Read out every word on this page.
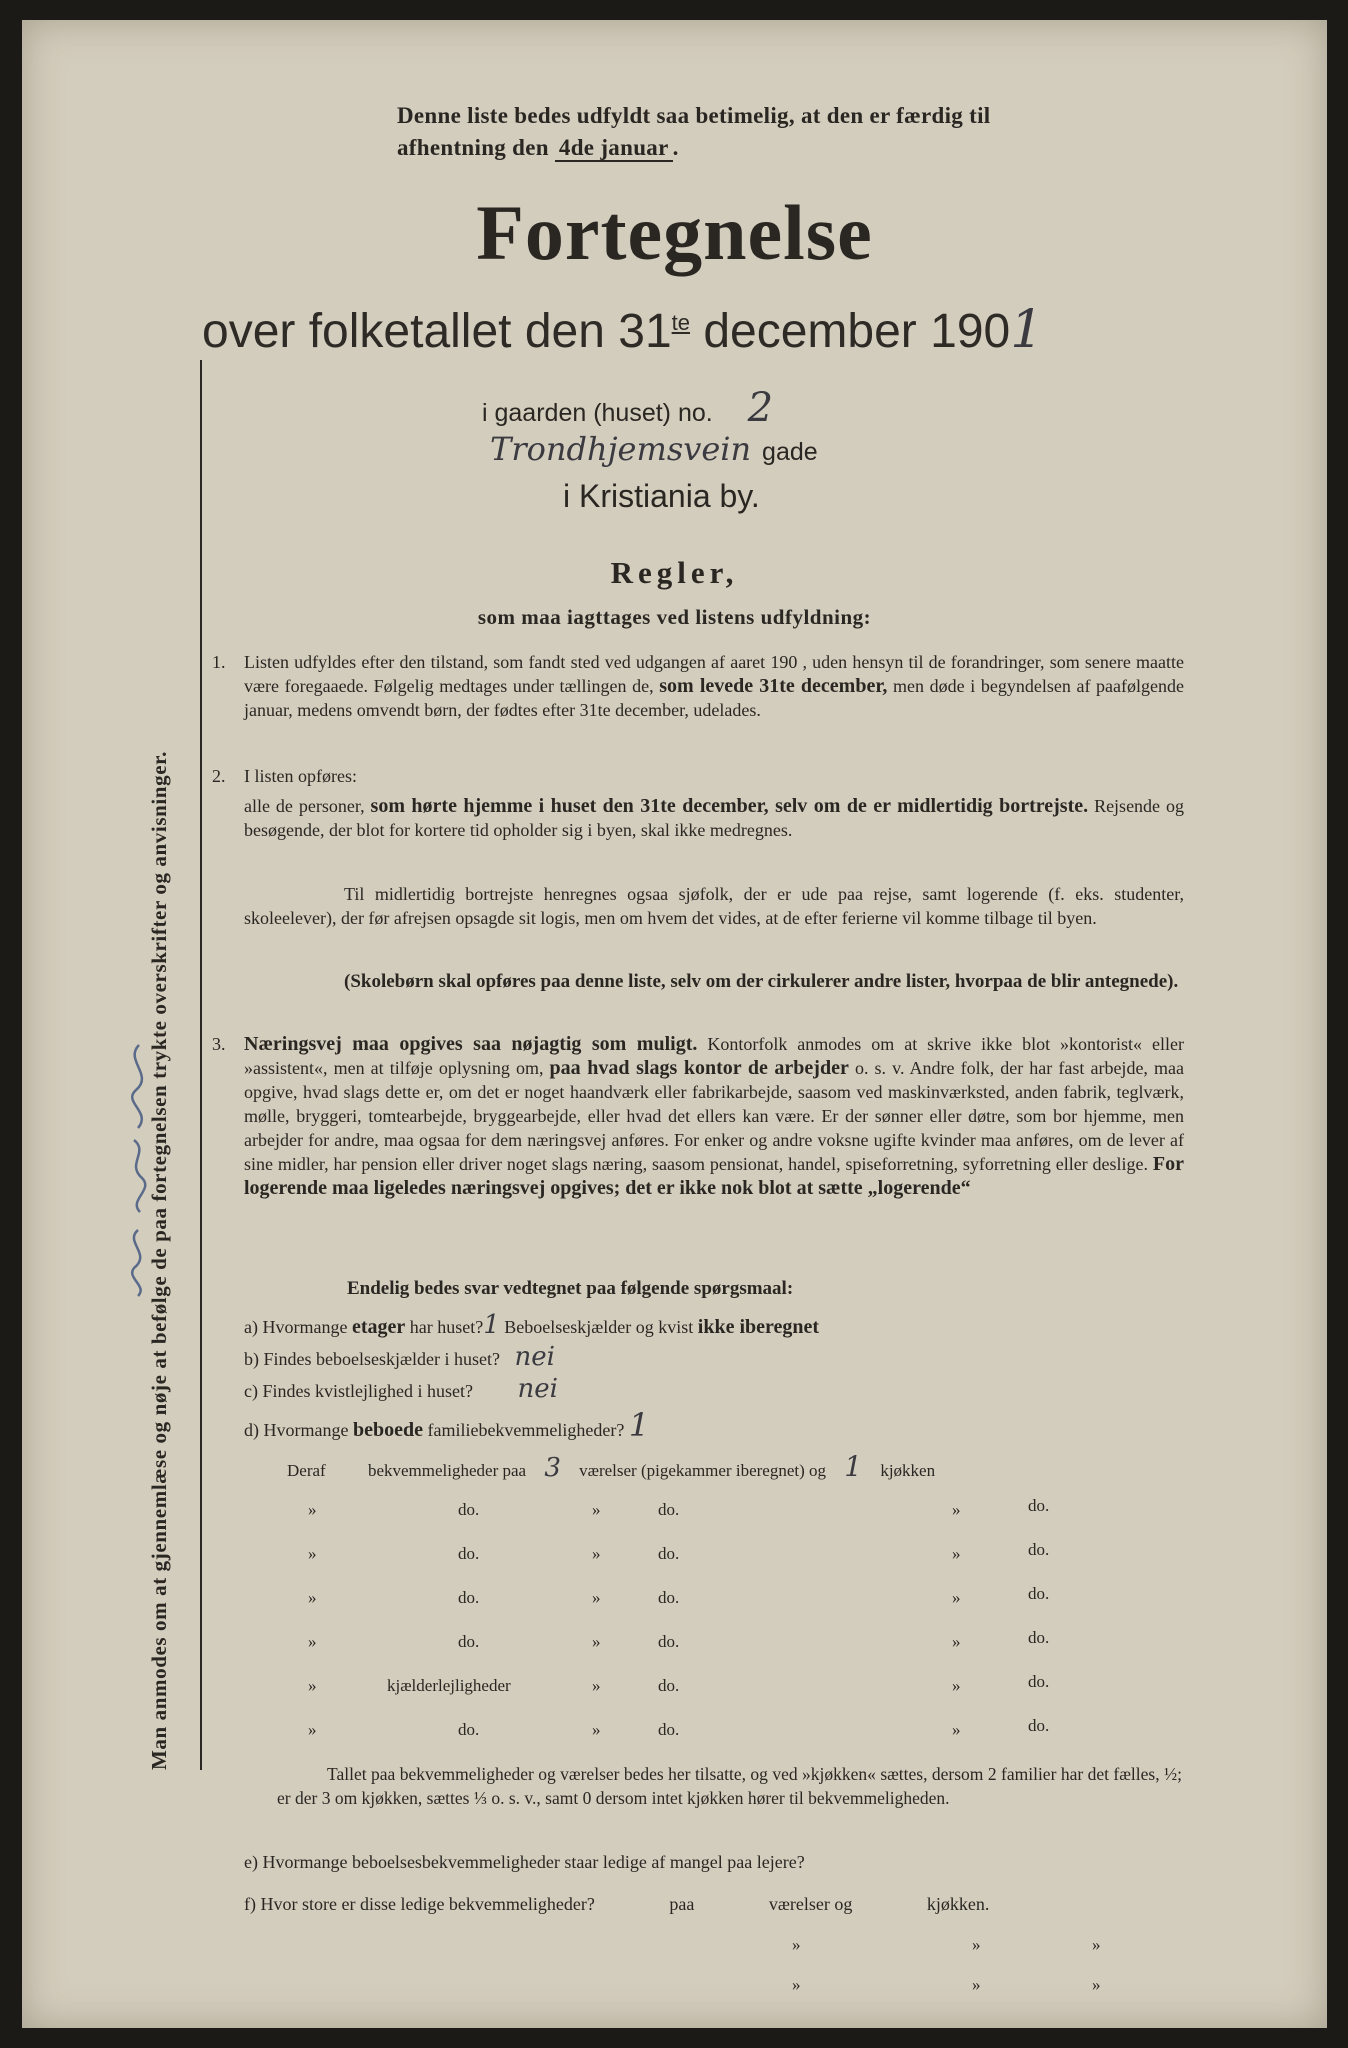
Denne liste bedes udfyldt saa betimelig, at den er færdig til
afhentning den 4de januar .
Fortegnelse
over folketallet den $31^{te}$ december 1901
i gaarden (huset) no. 2
Trondhjemsvein gade
i Kristiania by.
Regler,
som maa iagttages ved listens udfyldning:
1. Listen udfyldes efter den tilstand, som fandt sted ved udgangen af aaret 190 , uden hensyn til de forandringer, som senere maatte være foregaaede. Følgelig medtages under tællingen de, som levede 31te december, men døde i begyndelsen af paafølgende januar, medens omvendt børn, der fødtes efter 31te december, udelades.
2. I listen opføres:
alle de personer, som hørte hjemme i huset den 31te december, selv om de er midlertidig bortrejste. Rejsende og besøgende, der blot for kortere tid opholder sig i byen, skal ikke medregnes.
Til midlertidig bortrejste henregnes ogsaa sjøfolk, der er ude paa rejse, samt logerende (f. eks. studenter, skoleelever), der før afrejsen opsagde sit logis, men om hvem det vides, at de efter ferierne vil komme tilbage til byen.
(Skolebørn skal opføres paa denne liste, selv om der cirkulerer andre lister, hvorpaa de blir antegnede).
3. Næringsvej maa opgives saa nøjagtig som muligt. Kontorfolk anmodes om at skrive ikke blot »kontorist« eller »assistent«, men at tilføje oplysning om, paa hvad slags kontor de arbejder o. s. v. Andre folk, der har fast arbejde, maa opgive, hvad slags dette er, om det er noget haandværk eller fabrikarbejde, saasom ved maskinværksted, anden fabrik, teglværk, mølle, bryggeri, tomtearbejde, bryggearbejde, eller hvad det ellers kan være. Er der sønner eller døtre, som bor hjemme, men arbejder for andre, maa ogsaa for dem næringsvej anføres. For enker og andre voksne ugifte kvinder maa anføres, om de lever af sine midler, har pension eller driver noget slags næring, saasom pensionat, handel, spiseforretning, syforretning eller deslige. For logerende maa ligeledes næringsvej opgives; det er ikke nok blot at sætte „logerende“
Endelig bedes svar vedtegnet paa følgende spørgsmaal:
a) Hvormange etager har huset?1 Beboelseskjælder og kvist ikke iberegnet
b) Findes beboelseskjælder i huset? nei
c) Findes kvistlejlighed i huset? nei
d) Hvormange beboede familiebekvemmeligheder? 1
Deraf bekvemmeligheder paa 3 værelser (pigekammer iberegnet) og 1 kjøkken
»	do.	»	do.	»	do.
»	do.	»	do.	»	do.
»	do.	»	do.	»	do.
»	do.	»	do.	»	do.
»	kjælderlejligheder	»	do.	»	do.
»	do.	»	do.	»	do.
Tallet paa bekvemmeligheder og værelser bedes her tilsatte, og ved »kjøkken« sættes, dersom 2 familier har det fælles, ½; er der 3 om kjøkken, sættes ⅓ o. s. v., samt 0 dersom intet kjøkken hører til bekvemmeligheden.
e) Hvormange beboelsesbekvemmeligheder staar ledige af mangel paa lejere?
f) Hvor store er disse ledige bekvemmeligheder?	paa	værelser og	kjøkken.
»	»	»
»	»	»
Man anmodes om at gjennemlæse og nøje at befølge de paa fortegnelsen trykte overskrifter og anvisninger.
